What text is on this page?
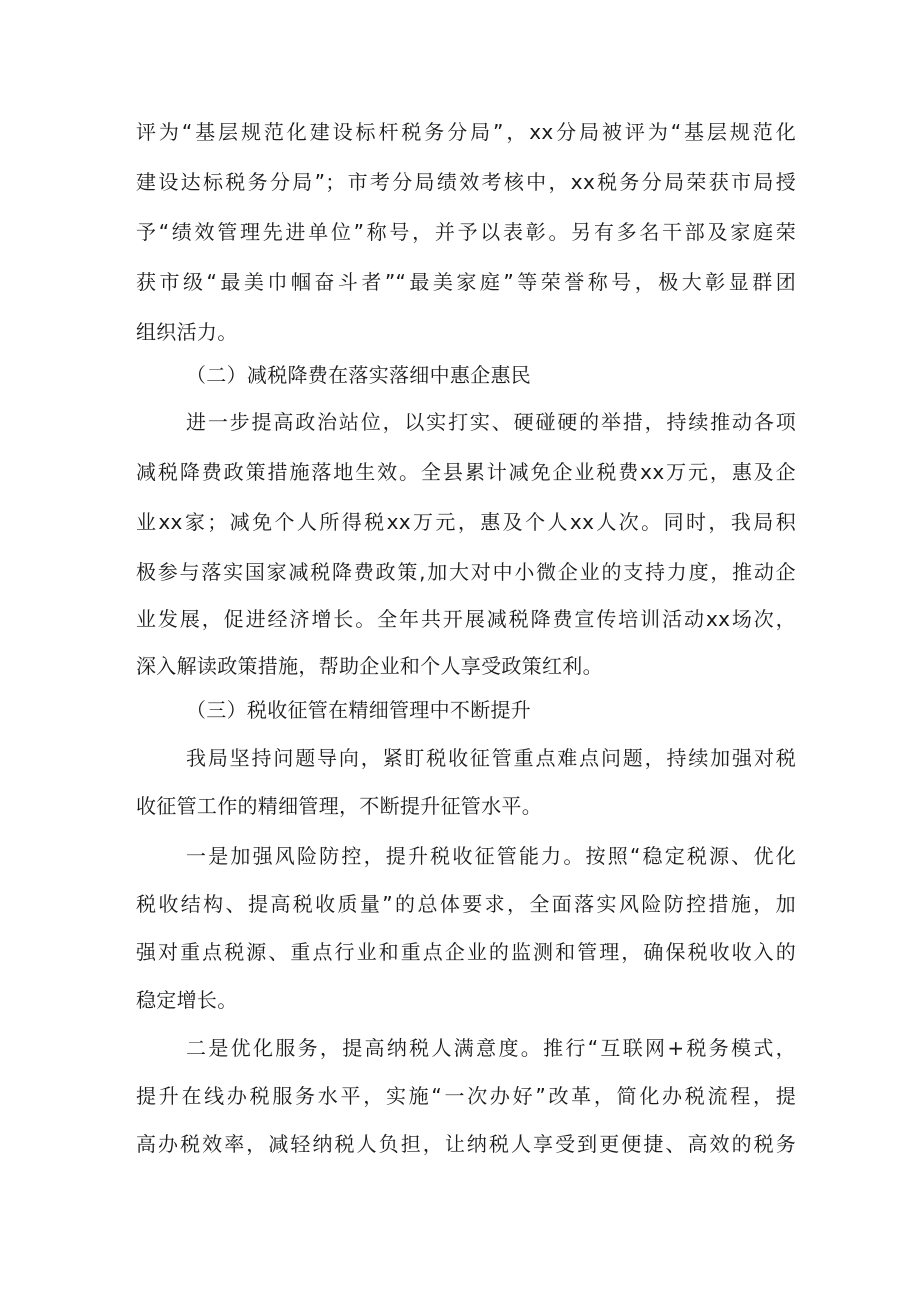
评为“基层规范化建设标杆税务分局”，xx分局被评为“基层规范化
建设达标税务分局”；市考分局绩效考核中，xx税务分局荣获市局授
予“绩效管理先进单位”称号，并予以表彰。另有多名干部及家庭荣
获市级“最美巾帼奋斗者”“最美家庭”等荣誉称号，极大彰显群团
组织活力。
（二）减税降费在落实落细中惠企惠民
进一步提高政治站位，以实打实、硬碰硬的举措，持续推动各项
减税降费政策措施落地生效。全县累计减免企业税费xx万元，惠及企
业xx家；减免个人所得税xx万元，惠及个人xx人次。同时，我局积
极参与落实国家减税降费政策,加大对中小微企业的支持力度，推动企
业发展，促进经济增长。全年共开展减税降费宣传培训活动xx场次，
深入解读政策措施，帮助企业和个人享受政策红利。
（三）税收征管在精细管理中不断提升
我局坚持问题导向，紧盯税收征管重点难点问题，持续加强对税
收征管工作的精细管理，不断提升征管水平。
一是加强风险防控，提升税收征管能力。按照“稳定税源、优化
税收结构、提高税收质量”的总体要求，全面落实风险防控措施，加
强对重点税源、重点行业和重点企业的监测和管理，确保税收收入的
稳定增长。
二是优化服务，提高纳税人满意度。推行“互联网+税务模式，
提升在线办税服务水平，实施“一次办好”改革，简化办税流程，提
高办税效率，减轻纳税人负担，让纳税人享受到更便捷、高效的税务
